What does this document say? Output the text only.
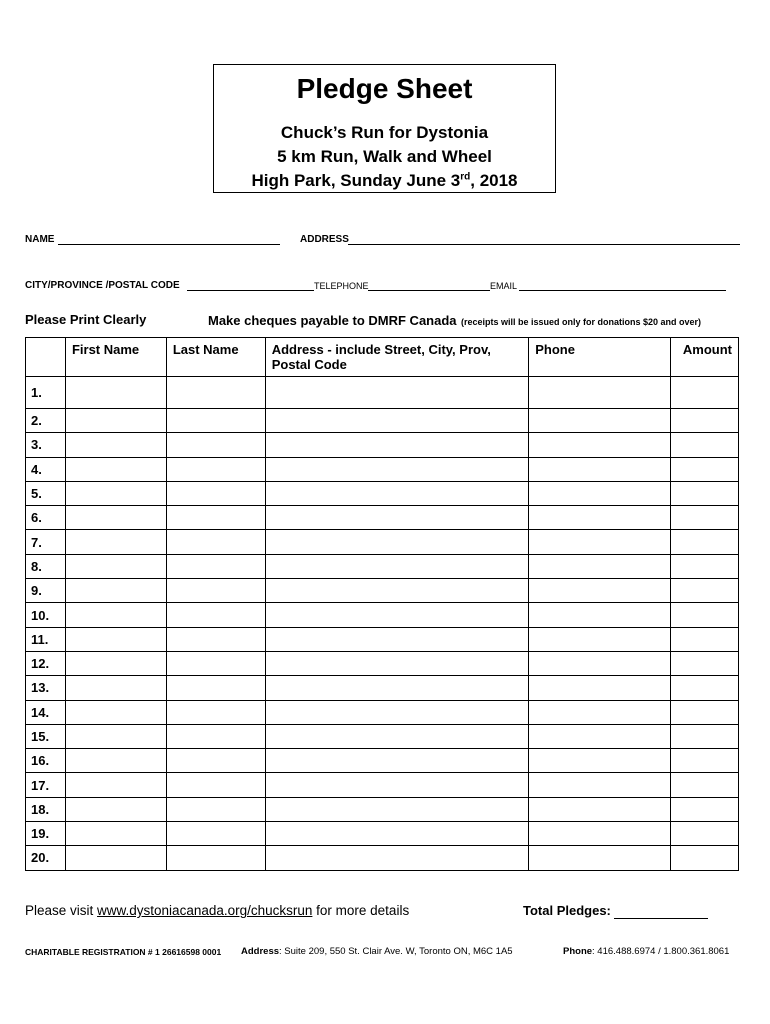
Pledge Sheet
Chuck’s Run for Dystonia
5 km Run, Walk and Wheel
High Park, Sunday June 3rd, 2018
NAME	ADDRESS
CITY/PROVINCE /POSTAL CODE	TELEPHONE	EMAIL
Please Print Clearly	Make cheques payable to DMRF Canada (receipts will be issued only for donations $20 and over)
	First Name	Last Name	Address - include Street, City, Prov, Postal Code	Phone	Amount
1.					
2.					
3.					
4.					
5.					
6.					
7.					
8.					
9.					
10.					
11.					
12.					
13.					
14.					
15.					
16.					
17.					
18.					
19.					
20.					
Please visit www.dystoniacanada.org/chucksrun for more details	Total Pledges:
CHARITABLE REGISTRATION # 1 26616598 0001 Address: Suite 209, 550 St. Clair Ave. W, Toronto ON, M6C 1A5	Phone: 416.488.6974 / 1.800.361.8061
